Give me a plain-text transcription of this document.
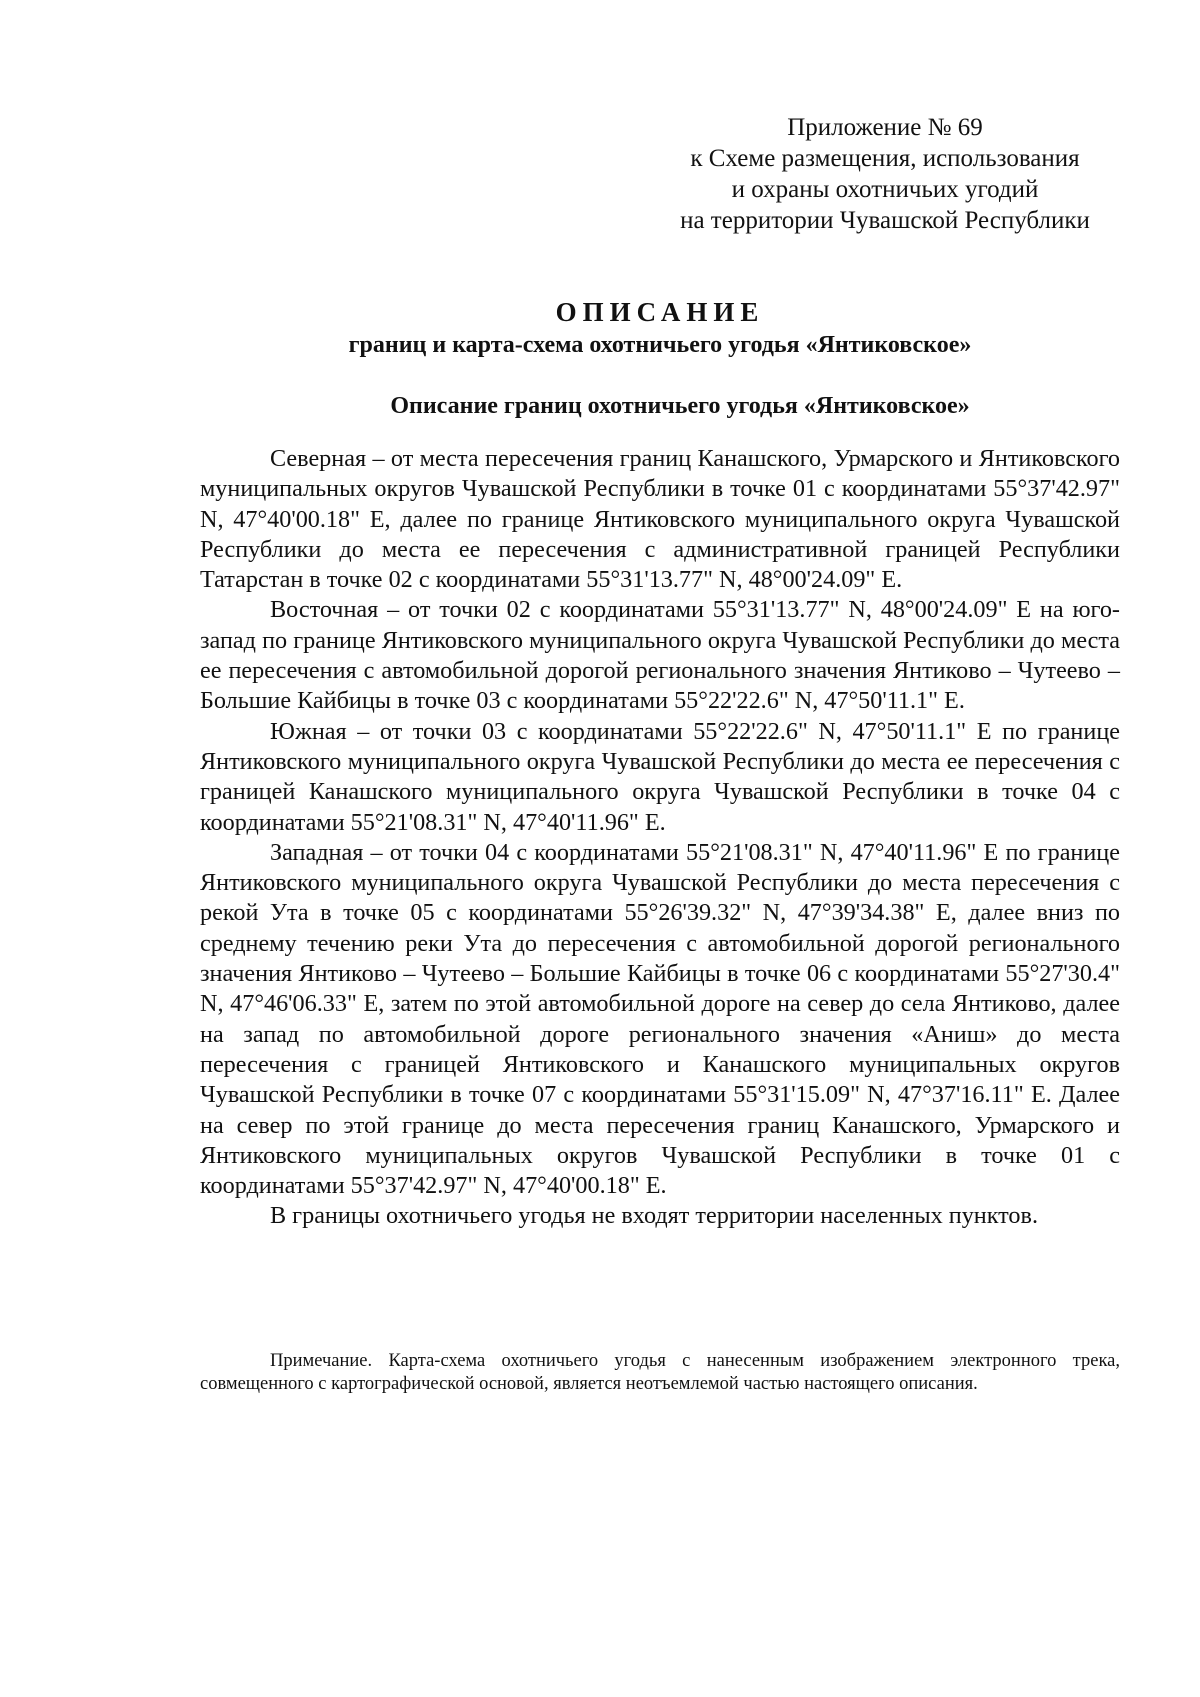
Приложение № 69
к Схеме размещения, использования
и охраны охотничьих угодий
на территории Чувашской Республики
ОПИСАНИЕ
границ и карта-схема охотничьего угодья «Янтиковское»
Описание границ охотничьего угодья «Янтиковское»

Северная – от места пересечения границ Канашского, Урмарского и Янтиковского муниципальных округов Чувашской Республики в точке 01 с координатами 55°37'42.97" N, 47°40'00.18" E, далее по границе Янтиковского муниципального округа Чувашской Республики до места ее пересечения с административной границей Республики Татарстан в точке 02 с координатами 55°31'13.77" N, 48°00'24.09" E.

Восточная – от точки 02 с координатами 55°31'13.77" N, 48°00'24.09" E на юго-запад по границе Янтиковского муниципального округа Чувашской Республики до места ее пересечения с автомобильной дорогой регионального значения Янтиково – Чутеево – Большие Кайбицы в точке 03 с координатами 55°22'22.6" N, 47°50'11.1" E.

Южная – от точки 03 с координатами 55°22'22.6" N, 47°50'11.1" E по границе Янтиковского муниципального округа Чувашской Республики до места ее пересечения с границей Канашского муниципального округа Чувашской Республики в точке 04 с координатами 55°21'08.31" N, 47°40'11.96" E.

Западная – от точки 04 с координатами 55°21'08.31" N, 47°40'11.96" E по границе Янтиковского муниципального округа Чувашской Республики до места пересечения с рекой Ута в точке 05 с координатами 55°26'39.32" N, 47°39'34.38" E, далее вниз по среднему течению реки Ута до пересечения с автомобильной дорогой регионального значения Янтиково – Чутеево – Большие Кайбицы в точке 06 с координатами 55°27'30.4" N, 47°46'06.33" E, затем по этой автомобильной дороге на север до села Янтиково, далее на запад по автомобильной дороге регионального значения «Аниш» до места пересечения с границей Янтиковского и Канашского муниципальных округов Чувашской Республики в точке 07 с координатами 55°31'15.09" N, 47°37'16.11" E. Далее на север по этой границе до места пересечения границ Канашского, Урмарского и Янтиковского муниципальных округов Чувашской Республики в точке 01 с координатами 55°37'42.97" N, 47°40'00.18" E.

В границы охотничьего угодья не входят территории населенных пунктов.

Примечание. Карта-схема охотничьего угодья с нанесенным изображением электронного трека, совмещенного с картографической основой, является неотъемлемой частью настоящего описания.
